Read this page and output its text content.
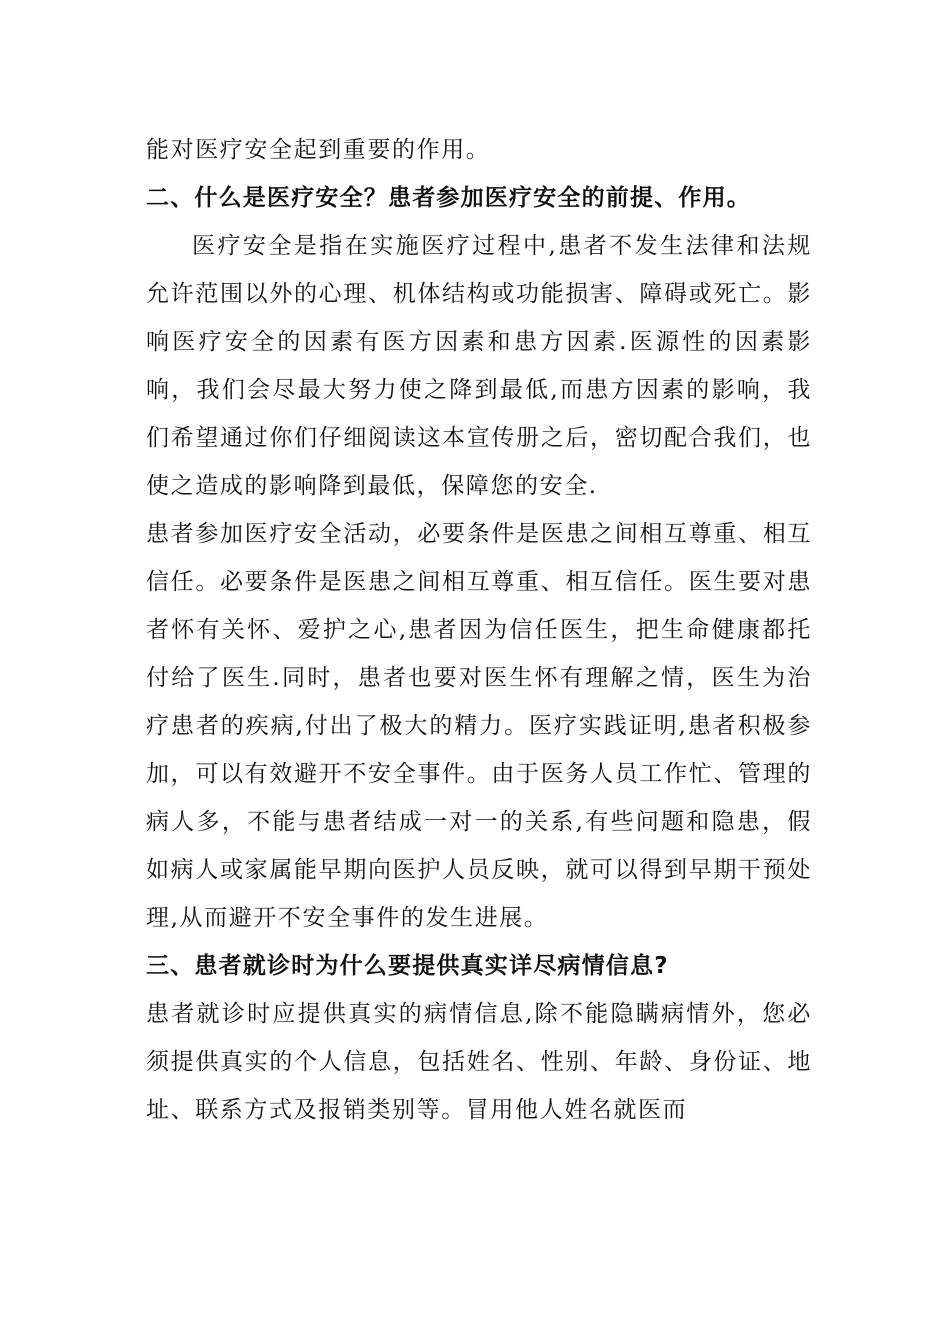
能对医疗安全起到重要的作用。

二、什么是医疗安全？患者参加医疗安全的前提、作用。

医疗安全是指在实施医疗过程中,患者不发生法律和法规允许范围以外的心理、机体结构或功能损害、障碍或死亡。影响医疗安全的因素有医方因素和患方因素.医源性的因素影响，我们会尽最大努力使之降到最低,而患方因素的影响，我们希望通过你们仔细阅读这本宣传册之后，密切配合我们，也使之造成的影响降到最低，保障您的安全.

患者参加医疗安全活动，必要条件是医患之间相互尊重、相互信任。必要条件是医患之间相互尊重、相互信任。医生要对患者怀有关怀、爱护之心,患者因为信任医生，把生命健康都托付给了医生.同时，患者也要对医生怀有理解之情，医生为治疗患者的疾病,付出了极大的精力。医疗实践证明,患者积极参加，可以有效避开不安全事件。由于医务人员工作忙、管理的病人多，不能与患者结成一对一的关系,有些问题和隐患，假如病人或家属能早期向医护人员反映，就可以得到早期干预处理,从而避开不安全事件的发生进展。

三、患者就诊时为什么要提供真实详尽病情信息?

患者就诊时应提供真实的病情信息,除不能隐瞒病情外，您必须提供真实的个人信息，包括姓名、性别、年龄、身份证、地址、联系方式及报销类别等。冒用他人姓名就医而
